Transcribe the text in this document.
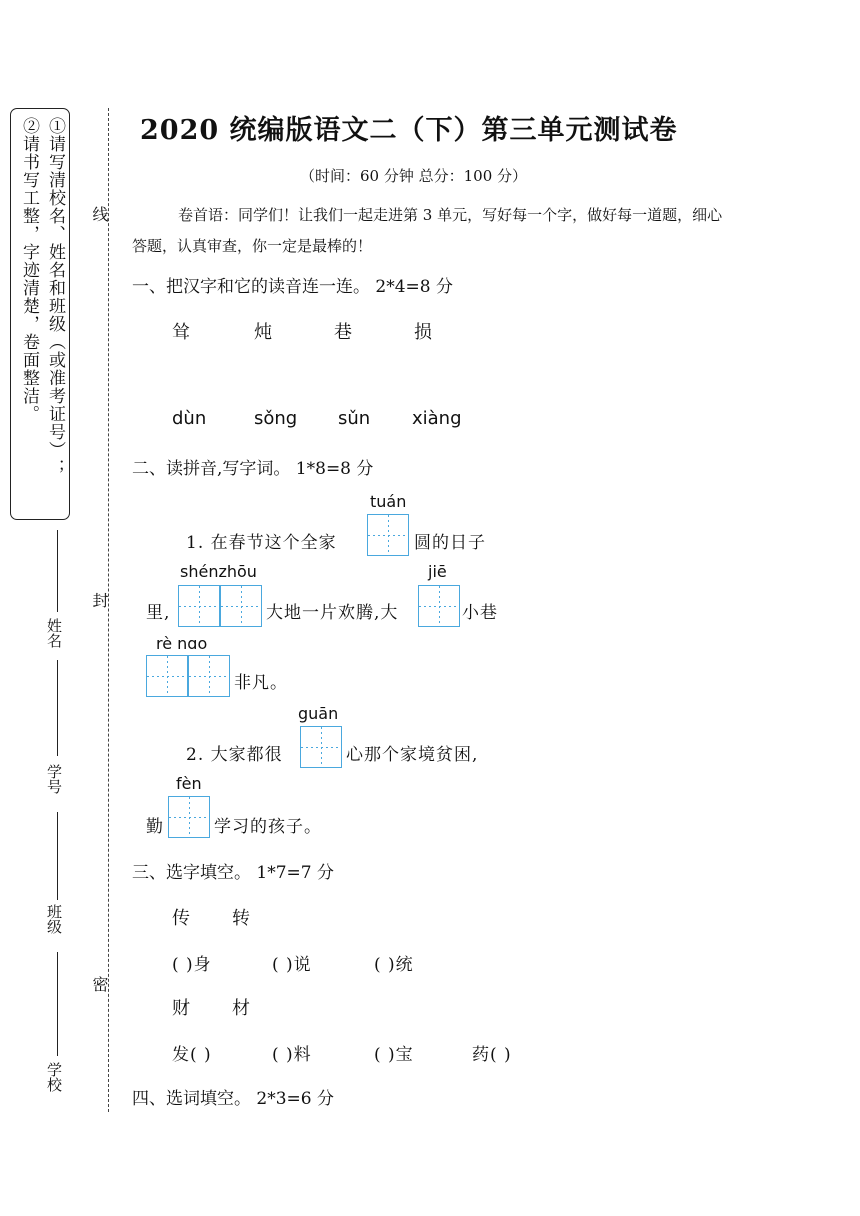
①请写清校名、姓名和班级（或准考证号）；
②请书写工整，字迹清楚，卷面整洁。
姓名
学号
班级
学校
线
封
密
2020 统编版语文二（下）第三单元测试卷
（时间：60 分钟 总分：100 分）
卷首语：同学们！让我们一起走进第 3 单元，写好每一个字，做好每一道题，细心答题，认真审查，你一定是最棒的！
一、把汉字和它的读音连一连。 2*4=8 分
耸	炖	巷	损
dùn	sǒng sǔn xiàng
二、读拼音,写字词。 1*8=8 分
1. 在春节这个全家
tuán
圆的日子
里,
shénzhōu
大地一片欢腾,大
jiē
小巷
rè nɑo
非凡。
2. 大家都很
guān
心那个家境贫困,
勤
fèn
学习的孩子。
三、选字填空。 1*7=7 分
传 转
( )身	( )说	( )统
财 材
发( )	( )料	( )宝	药( )
四、选词填空。 2*3=6 分
